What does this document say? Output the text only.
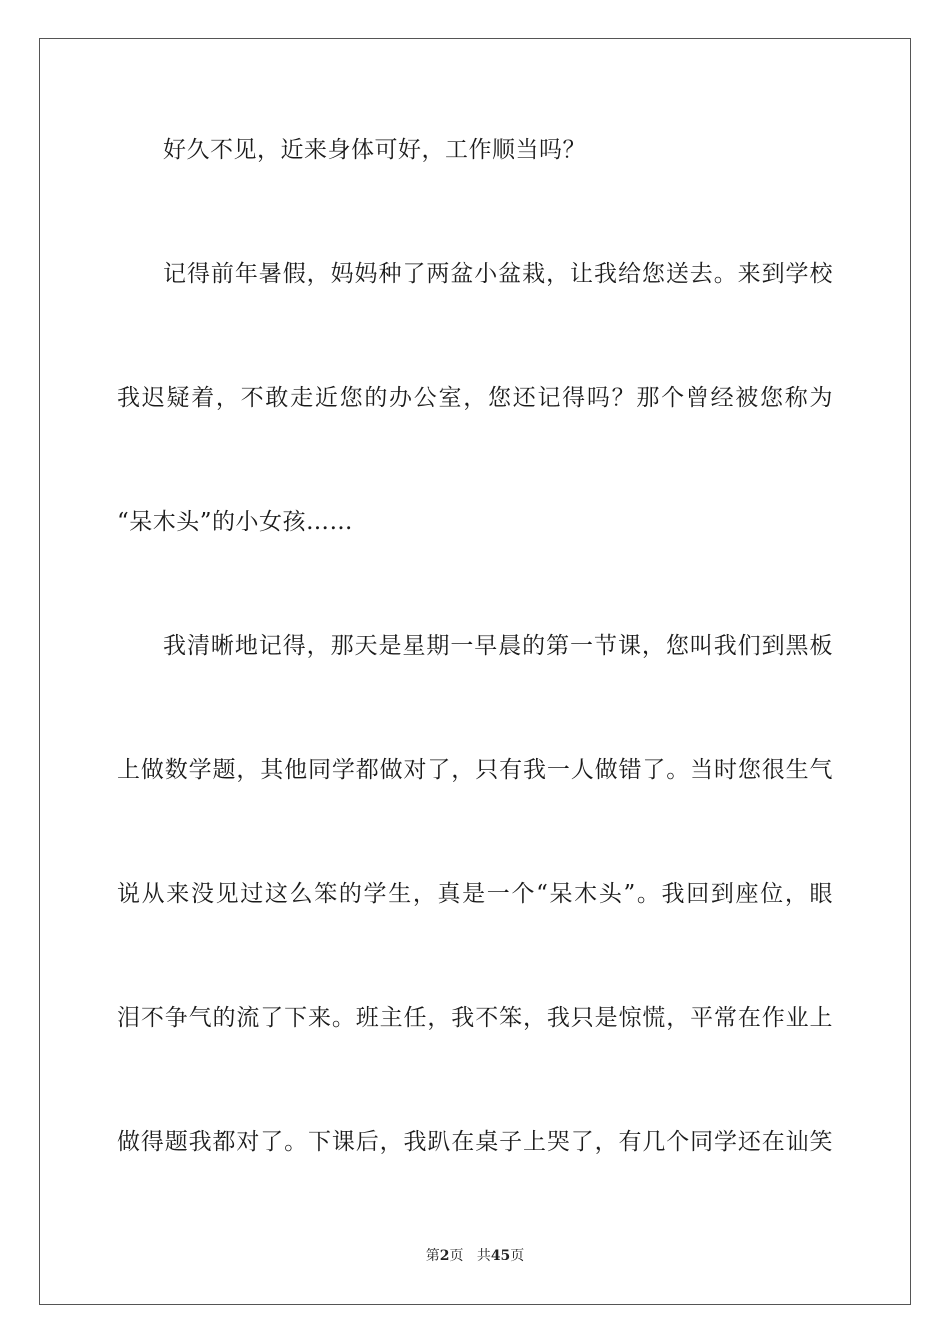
好久不见，近来身体可好，工作顺当吗？
记得前年暑假，妈妈种了两盆小盆栽，让我给您送去。来到学校
我迟疑着，不敢走近您的办公室，您还记得吗？那个曾经被您称为
“呆木头”的小女孩……
我清晰地记得，那天是星期一早晨的第一节课，您叫我们到黑板
上做数学题，其他同学都做对了，只有我一人做错了。当时您很生气
说从来没见过这么笨的学生，真是一个“呆木头”。我回到座位，眼
泪不争气的流了下来。班主任，我不笨，我只是惊慌，平常在作业上
做得题我都对了。下课后，我趴在桌子上哭了，有几个同学还在讪笑
第2页 共45页
